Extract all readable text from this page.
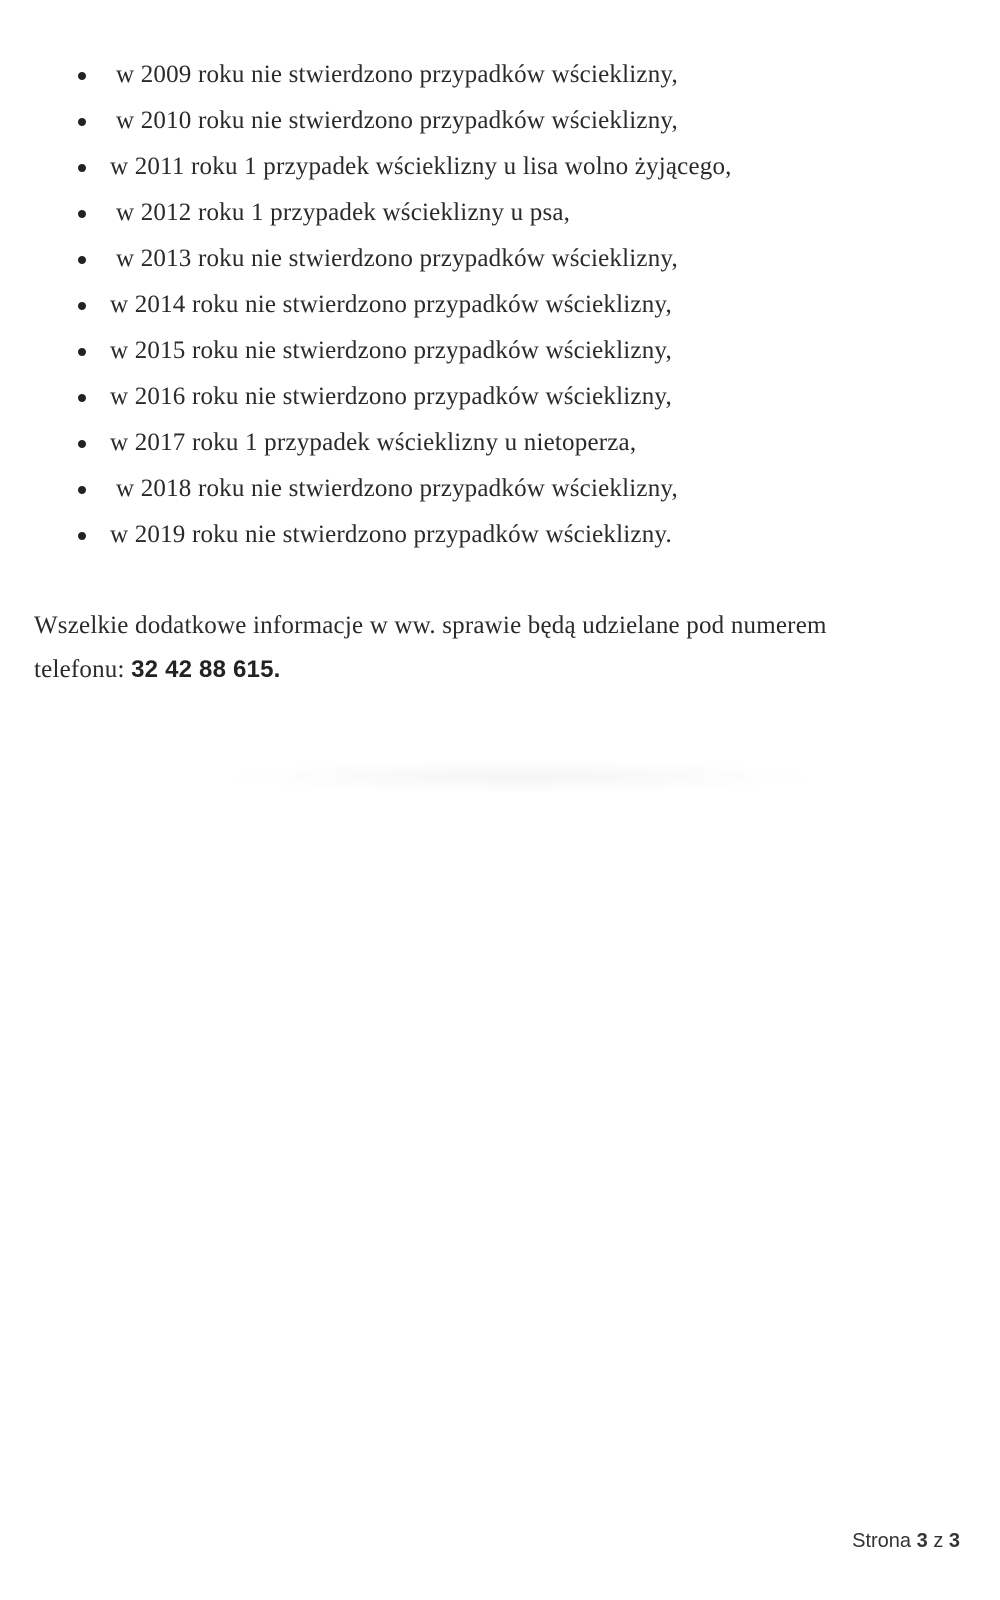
w 2009 roku nie stwierdzono przypadków wścieklizny,
w 2010 roku nie stwierdzono przypadków wścieklizny,
w 2011 roku 1 przypadek wścieklizny u lisa wolno żyjącego,
w 2012 roku 1 przypadek wścieklizny u psa,
w 2013 roku nie stwierdzono przypadków wścieklizny,
w 2014 roku nie stwierdzono przypadków wścieklizny,
w 2015 roku nie stwierdzono przypadków wścieklizny,
w 2016 roku nie stwierdzono przypadków wścieklizny,
w 2017 roku 1 przypadek wścieklizny u nietoperza,
w 2018 roku nie stwierdzono przypadków wścieklizny,
w 2019 roku nie stwierdzono przypadków wścieklizny.
Wszelkie dodatkowe informacje w ww. sprawie będą udzielane pod numerem
telefonu: 32 42 88 615.
Strona 3 z 3
